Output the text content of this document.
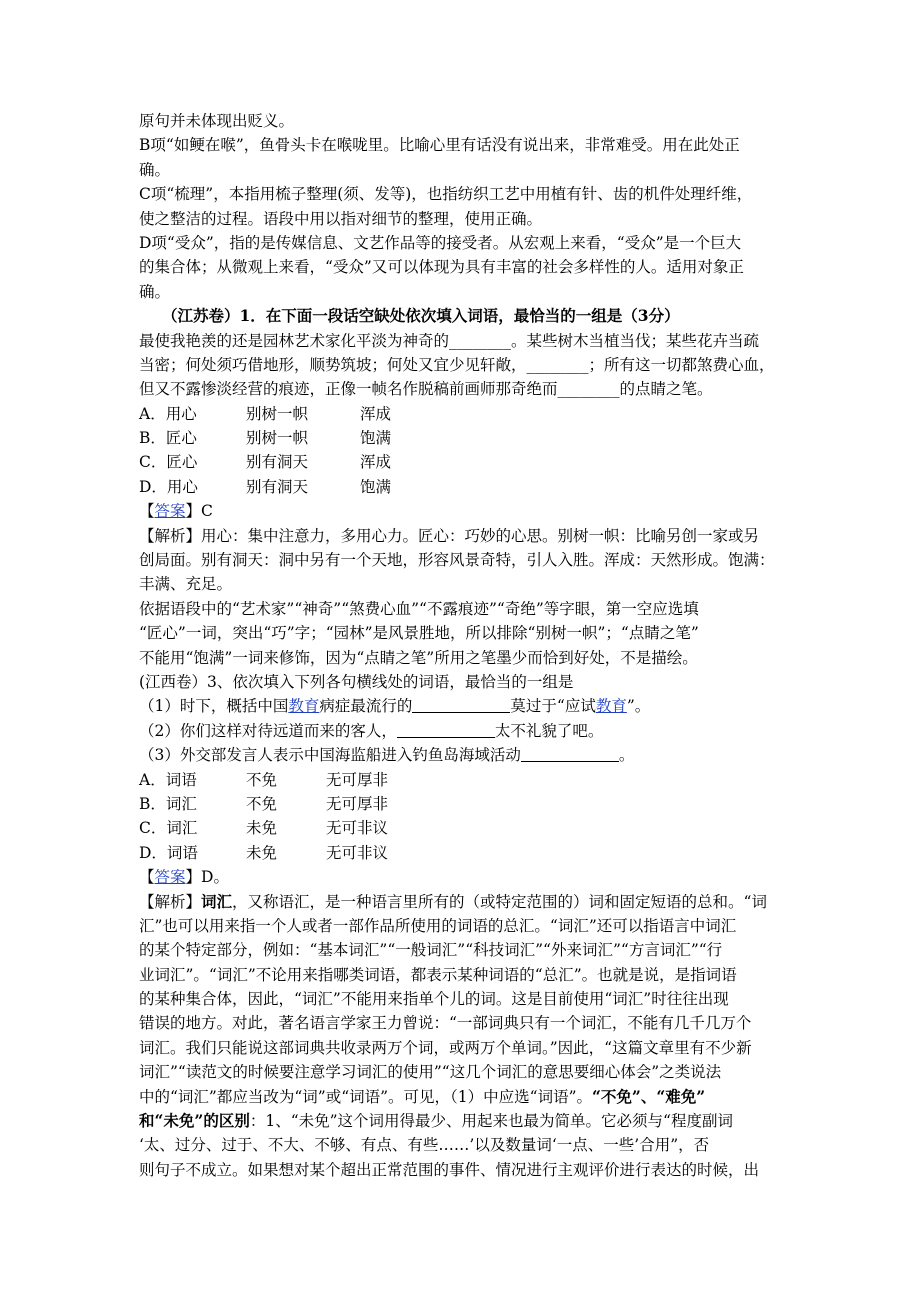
原句并未体现出贬义。
B项“如鲠在喉”，鱼骨头卡在喉咙里。比喻心里有话没有说出来，非常难受。用在此处正
确。
C项“梳理”，本指用梳子整理(须、发等)，也指纺织工艺中用植有针、齿的机件处理纤维，
使之整洁的过程。语段中用以指对细节的整理，使用正确。
D项“受众”，指的是传媒信息、文艺作品等的接受者。从宏观上来看，“受众”是一个巨大
的集合体；从微观上来看，“受众”又可以体现为具有丰富的社会多样性的人。适用对象正
确。
（江苏卷）1．在下面一段话空缺处依次填入词语，最恰当的一组是（3分）
最使我艳羡的还是园林艺术家化平淡为神奇的________。某些树木当植当伐；某些花卉当疏
当密；何处须巧借地形，顺势筑坡；何处又宜少见轩敞，________；所有这一切都煞费心血，
但又不露惨淡经营的痕迹，正像一帧名作脱稿前画师那奇绝而________的点睛之笔。
A．用心	别树一帜	浑成
B．匠心	别树一帜	饱满
C．匠心	别有洞天	浑成
D．用心	别有洞天	饱满
【答案】C
【解析】用心：集中注意力，多用心力。匠心：巧妙的心思。别树一帜：比喻另创一家或另
创局面。别有洞天：洞中另有一个天地，形容风景奇特，引人入胜。浑成：天然形成。饱满：
丰满、充足。
依据语段中的“艺术家”“神奇”“煞费心血”“不露痕迹”“奇绝”等字眼，第一空应选填
“匠心”一词，突出“巧”字；“园林”是风景胜地，所以排除“别树一帜”；“点睛之笔”
不能用“饱满”一词来修饰，因为“点睛之笔”所用之笔墨少而恰到好处，不是描绘。
(江西卷）3、依次填入下列各句横线处的词语，最恰当的一组是
（1）时下，概括中国教育病症最流行的	莫过于“应试教育”。
（2）你们这样对待远道而来的客人，	太不礼貌了吧。
（3）外交部发言人表示中国海监船进入钓鱼岛海域活动	。
A．词语	不免	无可厚非
B．词汇	不免	无可厚非
C．词汇	未免	无可非议
D．词语	未免	无可非议
【答案】D。
【解析】词汇，又称语汇，是一种语言里所有的（或特定范围的）词和固定短语的总和。“词
汇”也可以用来指一个人或者一部作品所使用的词语的总汇。“词汇”还可以指语言中词汇
的某个特定部分，例如：“基本词汇”“一般词汇”“科技词汇”“外来词汇”“方言词汇”“行
业词汇”。“词汇”不论用来指哪类词语，都表示某种词语的“总汇”。也就是说，是指词语
的某种集合体，因此，“词汇”不能用来指单个儿的词。这是目前使用“词汇”时往往出现
错误的地方。对此，著名语言学家王力曾说：“一部词典只有一个词汇，不能有几千几万个
词汇。我们只能说这部词典共收录两万个词，或两万个单词。”因此，“这篇文章里有不少新
词汇”“读范文的时候要注意学习词汇的使用”“这几个词汇的意思要细心体会”之类说法
中的“词汇”都应当改为“词”或“词语”。可见，（1）中应选“词语”。“不免”、“难免”
和“未免”的区别：1、“未免”这个词用得最少、用起来也最为简单。它必须与“程度副词
‘太、过分、过于、不大、不够、有点、有些……’以及数量词‘一点、一些’合用”，否
则句子不成立。如果想对某个超出正常范围的事件、情况进行主观评价进行表达的时候，出
